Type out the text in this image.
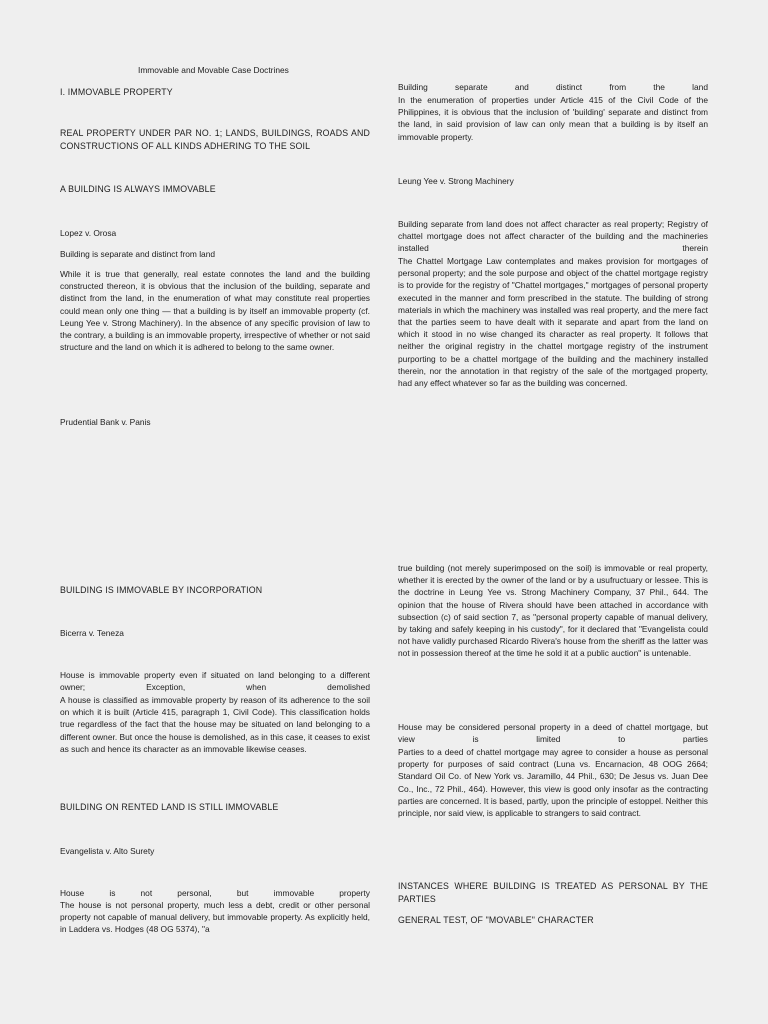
Immovable and Movable Case Doctrines
I. IMMOVABLE PROPERTY
REAL PROPERTY UNDER PAR NO. 1; LANDS, BUILDINGS, ROADS AND CONSTRUCTIONS OF ALL KINDS ADHERING TO THE SOIL
A BUILDING IS ALWAYS IMMOVABLE
Lopez v. Orosa
Building is separate and distinct from land

While it is true that generally, real estate connotes the land and the building constructed thereon, it is obvious that the inclusion of the building, separate and distinct from the land, in the enumeration of what may constitute real properties could mean only one thing — that a building is by itself an immovable property (cf. Leung Yee v. Strong Machinery). In the absence of any specific provision of law to the contrary, a building is an immovable property, irrespective of whether or not said structure and the land on which it is adhered to belong to the same owner.

Prudential Bank v. Panis
BUILDING IS IMMOVABLE BY INCORPORATION
Bicerra v. Teneza

House is immovable property even if situated on land belonging to a different owner; Exception, when demolished

A house is classified as immovable property by reason of its adherence to the soil on which it is built (Article 415, paragraph 1, Civil Code). This classification holds true regardless of the fact that the house may be situated on land belonging to a different owner. But once the house is demolished, as in this case, it ceases to exist as such and hence its character as an immovable likewise ceases.

BUILDING ON RENTED LAND IS STILL IMMOVABLE
Evangelista v. Alto Surety

House is not personal, but immovable property

The house is not personal property, much less a debt, credit or other personal property not capable of manual delivery, but immovable property. As explicitly held, in Laddera vs. Hodges (48 OG 5374), "a

Building separate and distinct from the land

In the enumeration of properties under Article 415 of the Civil Code of the Philippines, it is obvious that the inclusion of 'building' separate and distinct from the land, in said provision of law can only mean that a building is by itself an immovable property.

Leung Yee v. Strong Machinery

Building separate from land does not affect character as real property; Registry of chattel mortgage does not affect character of the building and the machineries installed therein

The Chattel Mortgage Law contemplates and makes provision for mortgages of personal property; and the sole purpose and object of the chattel mortgage registry is to provide for the registry of "Chattel mortgages," mortgages of personal property executed in the manner and form prescribed in the statute. The building of strong materials in which the machinery was installed was real property, and the mere fact that the parties seem to have dealt with it separate and apart from the land on which it stood in no wise changed its character as real property. It follows that neither the original registry in the chattel mortgage registry of the instrument purporting to be a chattel mortgage of the building and the machinery installed therein, nor the annotation in that registry of the sale of the mortgaged property, had any effect whatever so far as the building was concerned.

true building (not merely superimposed on the soil) is immovable or real property, whether it is erected by the owner of the land or by a usufructuary or lessee. This is the doctrine in Leung Yee vs. Strong Machinery Company, 37 Phil., 644. The opinion that the house of Rivera should have been attached in accordance with subsection (c) of said section 7, as "personal property capable of manual delivery, by taking and safely keeping in his custody", for it declared that "Evangelista could not have validly purchased Ricardo Rivera's house from the sheriff as the latter was not in possession thereof at the time he sold it at a public auction" is untenable.

House may be considered personal property in a deed of chattel mortgage, but view is limited to parties

Parties to a deed of chattel mortgage may agree to consider a house as personal property for purposes of said contract (Luna vs. Encarnacion, 48 OOG 2664; Standard Oil Co. of New York vs. Jaramillo, 44 Phil., 630; De Jesus vs. Juan Dee Co., Inc., 72 Phil., 464). However, this view is good only insofar as the contracting parties are concerned. It is based, partly, upon the principle of estoppel. Neither this principle, nor said view, is applicable to strangers to said contract.

INSTANCES WHERE BUILDING IS TREATED AS PERSONAL BY THE PARTIES
GENERAL TEST, OF "MOVABLE" CHARACTER
